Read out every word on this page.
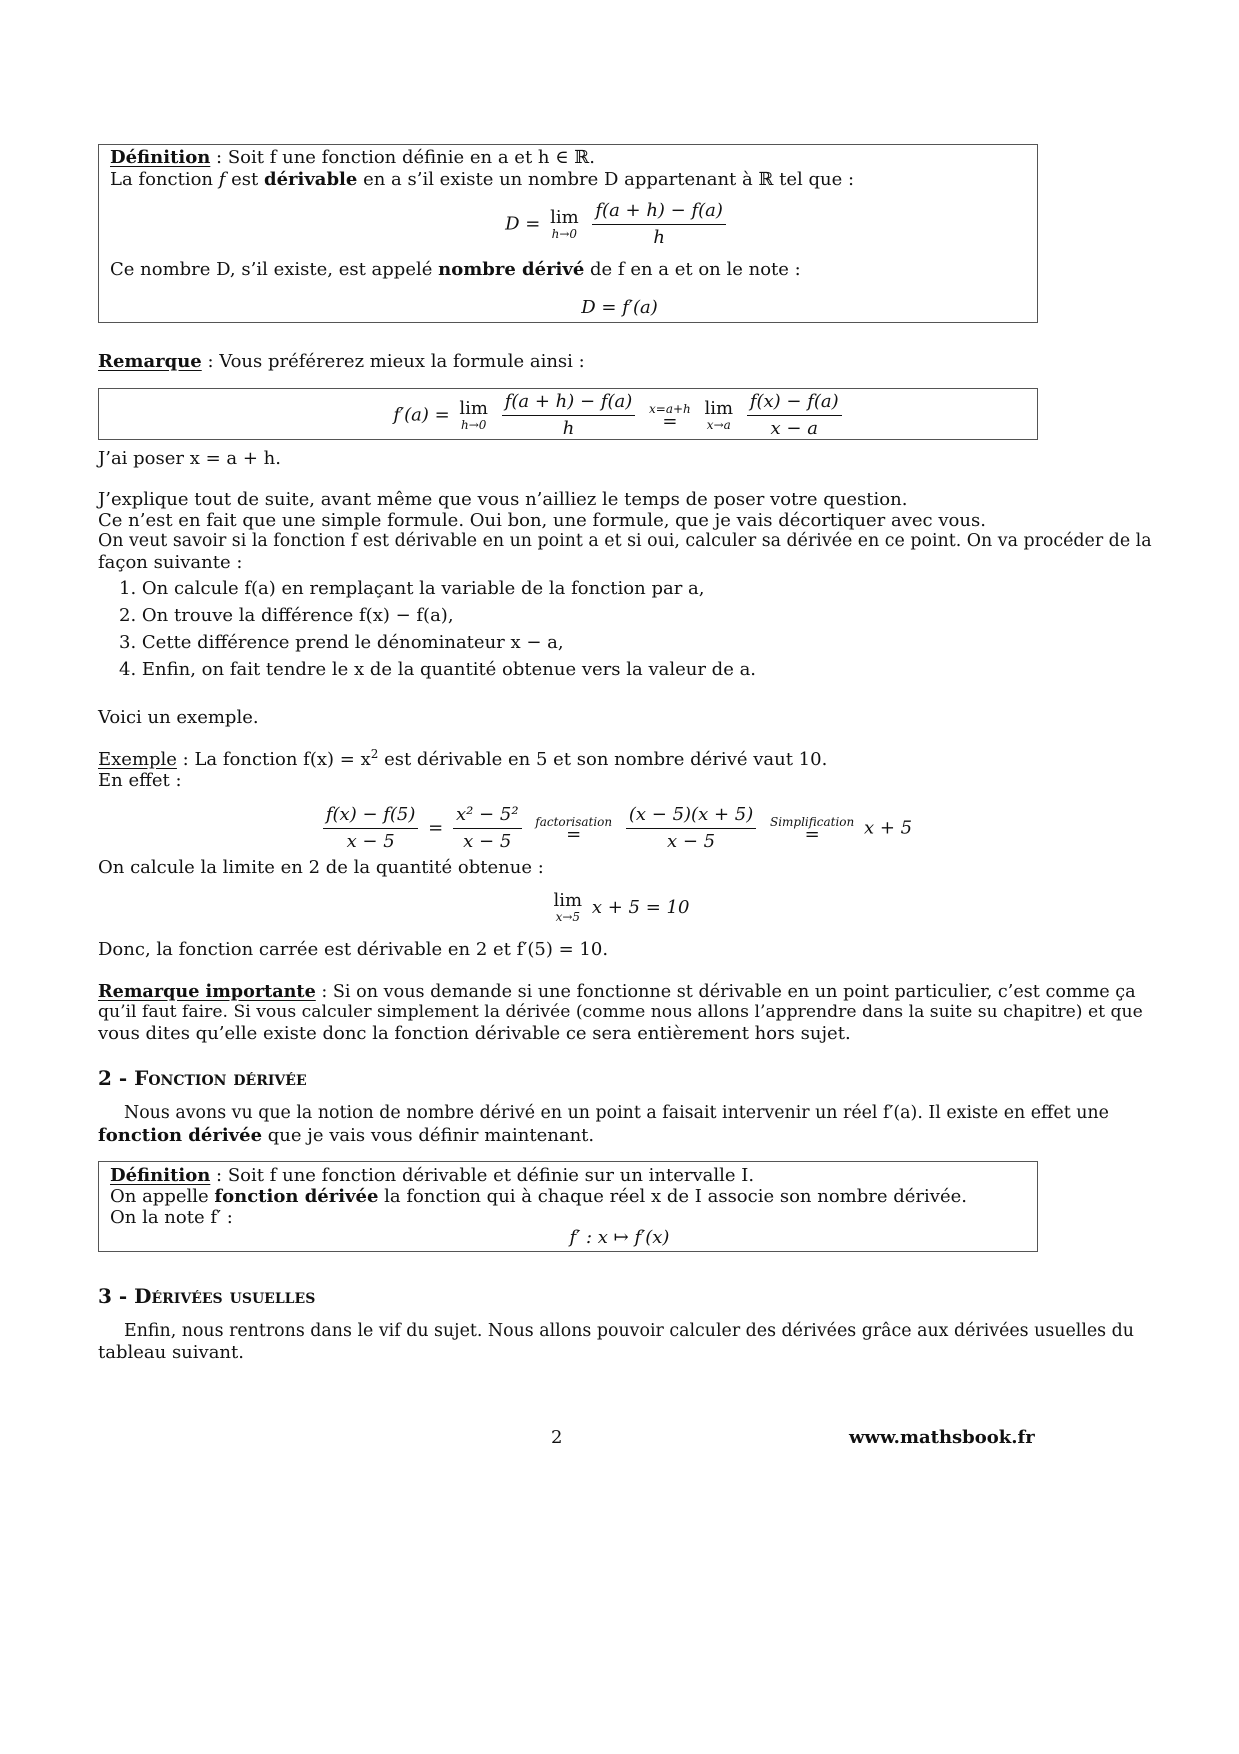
Définition : Soit f une fonction définie en a et h ∈ ℝ.
La fonction f est dérivable en a s’il existe un nombre D appartenant à ℝ tel que :
D = lim
h→0
$\frac{f(a + h) - f(a)}{h}$
Ce nombre D, s’il existe, est appelé nombre dérivé de f en a et on le note :
D = f′(a)
Remarque : Vous préférerez mieux la formule ainsi :
f′(a) = lim
h→0
$\frac{f(a + h) - f(a)}{h}$
x=a+h
=

lim
x→a
$\frac{f(x) - f(a)}{x - a}$
J’ai poser x = a + h.
J’explique tout de suite, avant même que vous n’ailliez le temps de poser votre question.
Ce n’est en fait que une simple formule. Oui bon, une formule, que je vais décortiquer avec vous.
On veut savoir si la fonction f est dérivable en un point a et si oui, calculer sa dérivée en ce point. On va procéder de la
façon suivante :
1. On calcule f(a) en remplaçant la variable de la fonction par a,
2. On trouve la différence f(x) − f(a),
3. Cette différence prend le dénominateur x − a,
4. Enfin, on fait tendre le x de la quantité obtenue vers la valeur de a.
Voici un exemple.
Exemple : La fonction $f(x) = x^2$ est dérivable en 5 et son nombre dérivé vaut 10.
En effet :
$\frac{f(x) - f(5)}{x - 5} = \frac{\text{x² − 5²}}{x - 5}$
factorisation
=
$\frac{(x - 5)(x + 5)}{x - 5}$
Simplification
= x + 5
On calcule la limite en 2 de la quantité obtenue :
lim
x→5 x + 5 = 10
Donc, la fonction carrée est dérivable en 2 et f′(5) = 10.
Remarque importante : Si on vous demande si une fonctionne st dérivable en un point particulier, c’est comme ça
qu’il faut faire. Si vous calculer simplement la dérivée (comme nous allons l’apprendre dans la suite su chapitre) et que
vous dites qu’elle existe donc la fonction dérivable ce sera entièrement hors sujet.
2 - Fonction dérivée
Nous avons vu que la notion de nombre dérivé en un point a faisait intervenir un réel f′(a). Il existe en effet une
fonction dérivée que je vais vous définir maintenant.
Définition : Soit f une fonction dérivable et définie sur un intervalle I.
On appelle fonction dérivée la fonction qui à chaque réel x de I associe son nombre dérivée.
On la note f′ :
f′ : x ↦ f′(x)
3 - Dérivées usuelles
Enfin, nous rentrons dans le vif du sujet. Nous allons pouvoir calculer des dérivées grâce aux dérivées usuelles du
tableau suivant.
2	www.mathsbook.fr
